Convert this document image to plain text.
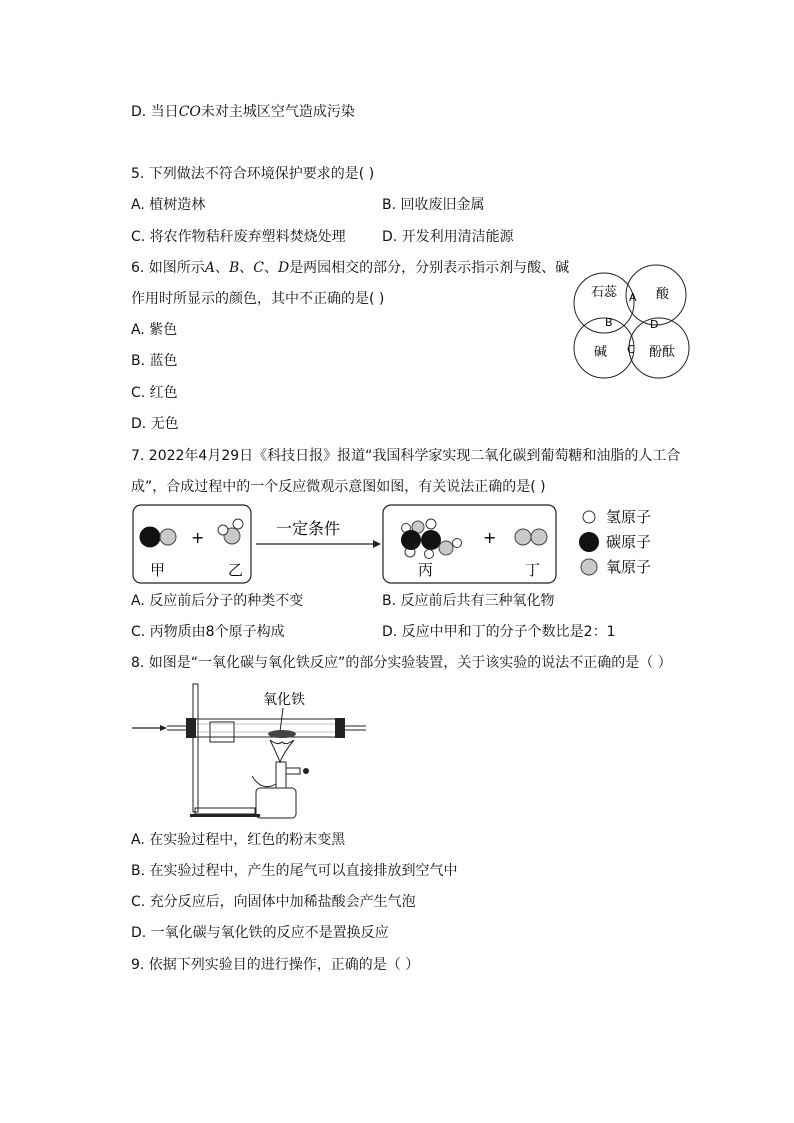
D. 当日CO未对主城区空气造成污染
5. 下列做法不符合环境保护要求的是( )
A. 植树造林	B. 回收废旧金属
C. 将农作物秸秆废弃塑料焚烧处理	D. 开发利用清洁能源
6. 如图所示A、B、C、D是两园相交的部分，分别表示指示剂与酸、碱
作用时所显示的颜色，其中不正确的是( )
A. 紫色
B. 蓝色
C. 红色
D. 无色
石蕊	酸
碱	酚酞
A
B
C
D
7. 2022年4月29日《科技日报》报道“我国科学家实现二氧化碳到葡萄糖和油脂的人工合
成”，合成过程中的一个反应微观示意图如图，有关说法正确的是( )
+
甲	乙
一定条件	+
丙	丁
氢原子
碳原子
氧原子
A. 反应前后分子的种类不变	B. 反应前后共有三种氧化物
C. 丙物质由8个原子构成	D. 反应中甲和丁的分子个数比是2：1
8. 如图是“一氧化碳与氧化铁反应”的部分实验装置，关于该实验的说法不正确的是（ ）
氧化铁
A. 在实验过程中，红色的粉末变黑
B. 在实验过程中，产生的尾气可以直接排放到空气中
C. 充分反应后，向固体中加稀盐酸会产生气泡
D. 一氧化碳与氧化铁的反应不是置换反应
9. 依据下列实验目的进行操作，正确的是（ ）
